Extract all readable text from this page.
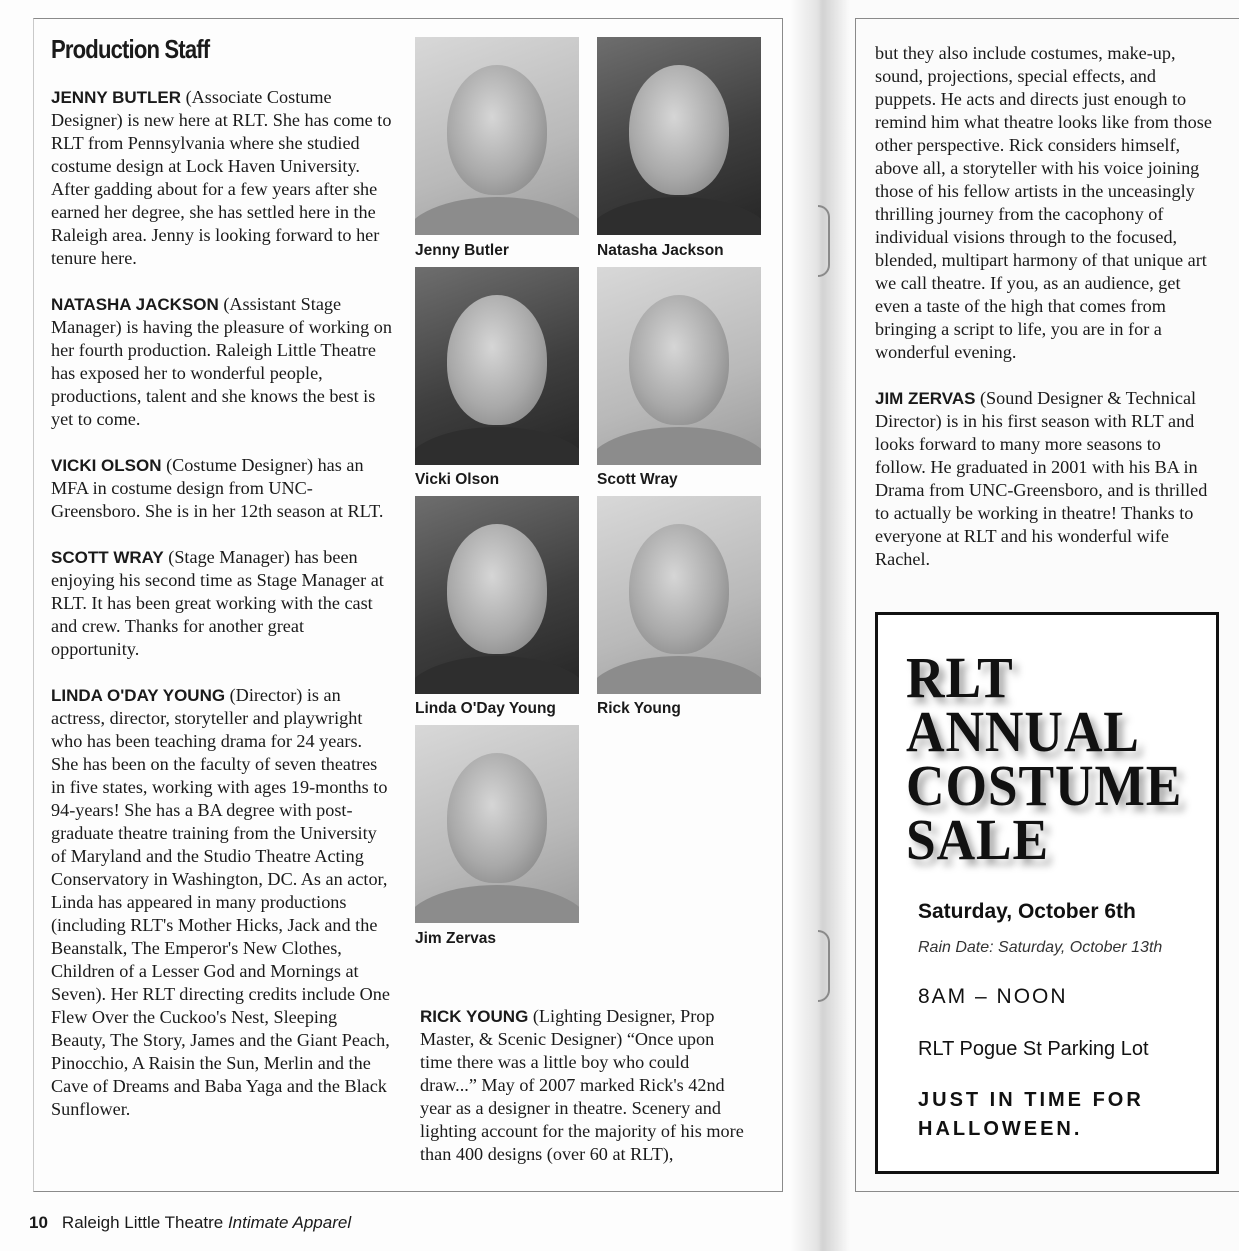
Production Staff

JENNY BUTLER (Associate Costume Designer) is new here at RLT. She has come to RLT from Pennsylvania where she studied costume design at Lock Haven University. After gadding about for a few years after she earned her degree, she has settled here in the Raleigh area. Jenny is looking forward to her tenure here.

NATASHA JACKSON (Assistant Stage Manager) is having the pleasure of working on her fourth production. Raleigh Little Theatre has exposed her to wonderful people, productions, talent and she knows the best is yet to come.

VICKI OLSON (Costume Designer) has an MFA in costume design from UNC-Greensboro. She is in her 12th season at RLT.

SCOTT WRAY (Stage Manager) has been enjoying his second time as Stage Manager at RLT. It has been great working with the cast and crew. Thanks for another great opportunity.

LINDA O'DAY YOUNG (Director) is an actress, director, storyteller and playwright who has been teaching drama for 24 years. She has been on the faculty of seven theatres in five states, working with ages 19-months to 94-years! She has a BA degree with post-graduate theatre training from the University of Maryland and the Studio Theatre Acting Conservatory in Washington, DC. As an actor, Linda has appeared in many productions (including RLT's Mother Hicks, Jack and the Beanstalk, The Emperor's New Clothes, Children of a Lesser God and Mornings at Seven). Her RLT directing credits include One Flew Over the Cuckoo's Nest, Sleeping Beauty, The Story, James and the Giant Peach, Pinocchio, A Raisin the Sun, Merlin and the Cave of Dreams and Baba Yaga and the Black Sunflower.

Jenny Butler	Natasha Jackson
Vicki Olson	Scott Wray
Linda O'Day Young	Rick Young
Jim Zervas

RICK YOUNG (Lighting Designer, Prop Master, & Scenic Designer) “Once upon time there was a little boy who could draw...” May of 2007 marked Rick's 42nd year as a designer in theatre. Scenery and lighting account for the majority of his more than 400 designs (over 60 at RLT),

but they also include costumes, make-up, sound, projections, special effects, and puppets. He acts and directs just enough to remind him what theatre looks like from those other perspective. Rick considers himself, above all, a storyteller with his voice joining those of his fellow artists in the unceasingly thrilling journey from the cacophony of individual visions through to the focused, blended, multipart harmony of that unique art we call theatre. If you, as an audience, get even a taste of the high that comes from bringing a script to life, you are in for a wonderful evening.

JIM ZERVAS (Sound Designer & Technical Director) is in his first season with RLT and looks forward to many more seasons to follow. He graduated in 2001 with his BA in Drama from UNC-Greensboro, and is thrilled to actually be working in theatre! Thanks to everyone at RLT and his wonderful wife Rachel.

RLT
ANNUAL
COSTUME
SALE
Saturday, October 6th
Rain Date: Saturday, October 13th
8AM – NOON
RLT Pogue St Parking Lot
JUST IN TIME FOR
HALLOWEEN.
10 Raleigh Little Theatre Intimate Apparel
